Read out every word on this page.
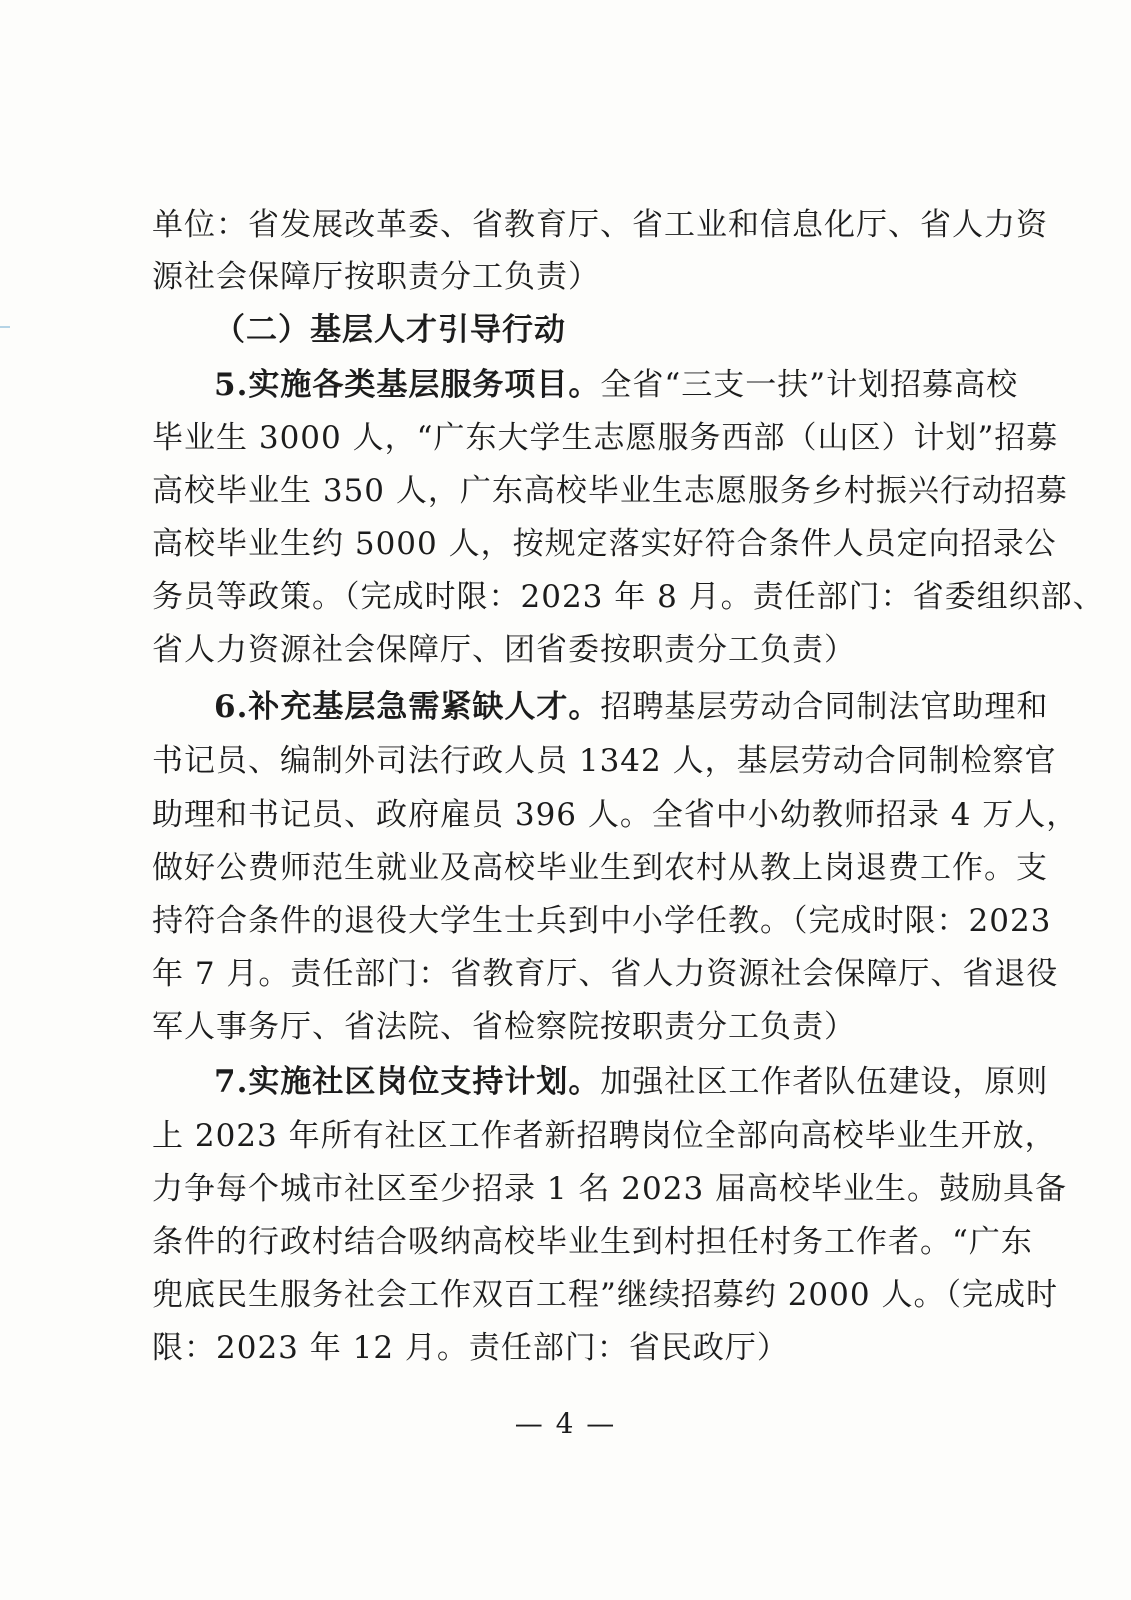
单位：省发展改革委、省教育厅、省工业和信息化厅、省人力资
源社会保障厅按职责分工负责）
（二）基层人才引导行动
5.实施各类基层服务项目。全省“三支一扶”计划招募高校
毕业生 3000 人，“广东大学生志愿服务西部（山区）计划”招募
高校毕业生 350 人，广东高校毕业生志愿服务乡村振兴行动招募
高校毕业生约 5000 人，按规定落实好符合条件人员定向招录公
务员等政策。（完成时限：2023 年 8 月。责任部门：省委组织部、
省人力资源社会保障厅、团省委按职责分工负责）
6.补充基层急需紧缺人才。招聘基层劳动合同制法官助理和
书记员、编制外司法行政人员 1342 人，基层劳动合同制检察官
助理和书记员、政府雇员 396 人。全省中小幼教师招录 4 万人，
做好公费师范生就业及高校毕业生到农村从教上岗退费工作。支
持符合条件的退役大学生士兵到中小学任教。（完成时限：2023
年 7 月。责任部门：省教育厅、省人力资源社会保障厅、省退役
军人事务厅、省法院、省检察院按职责分工负责）
7.实施社区岗位支持计划。加强社区工作者队伍建设，原则
上 2023 年所有社区工作者新招聘岗位全部向高校毕业生开放，
力争每个城市社区至少招录 1 名 2023 届高校毕业生。鼓励具备
条件的行政村结合吸纳高校毕业生到村担任村务工作者。“广东
兜底民生服务社会工作双百工程”继续招募约 2000 人。（完成时
限：2023 年 12 月。责任部门：省民政厅）
— 4 —
